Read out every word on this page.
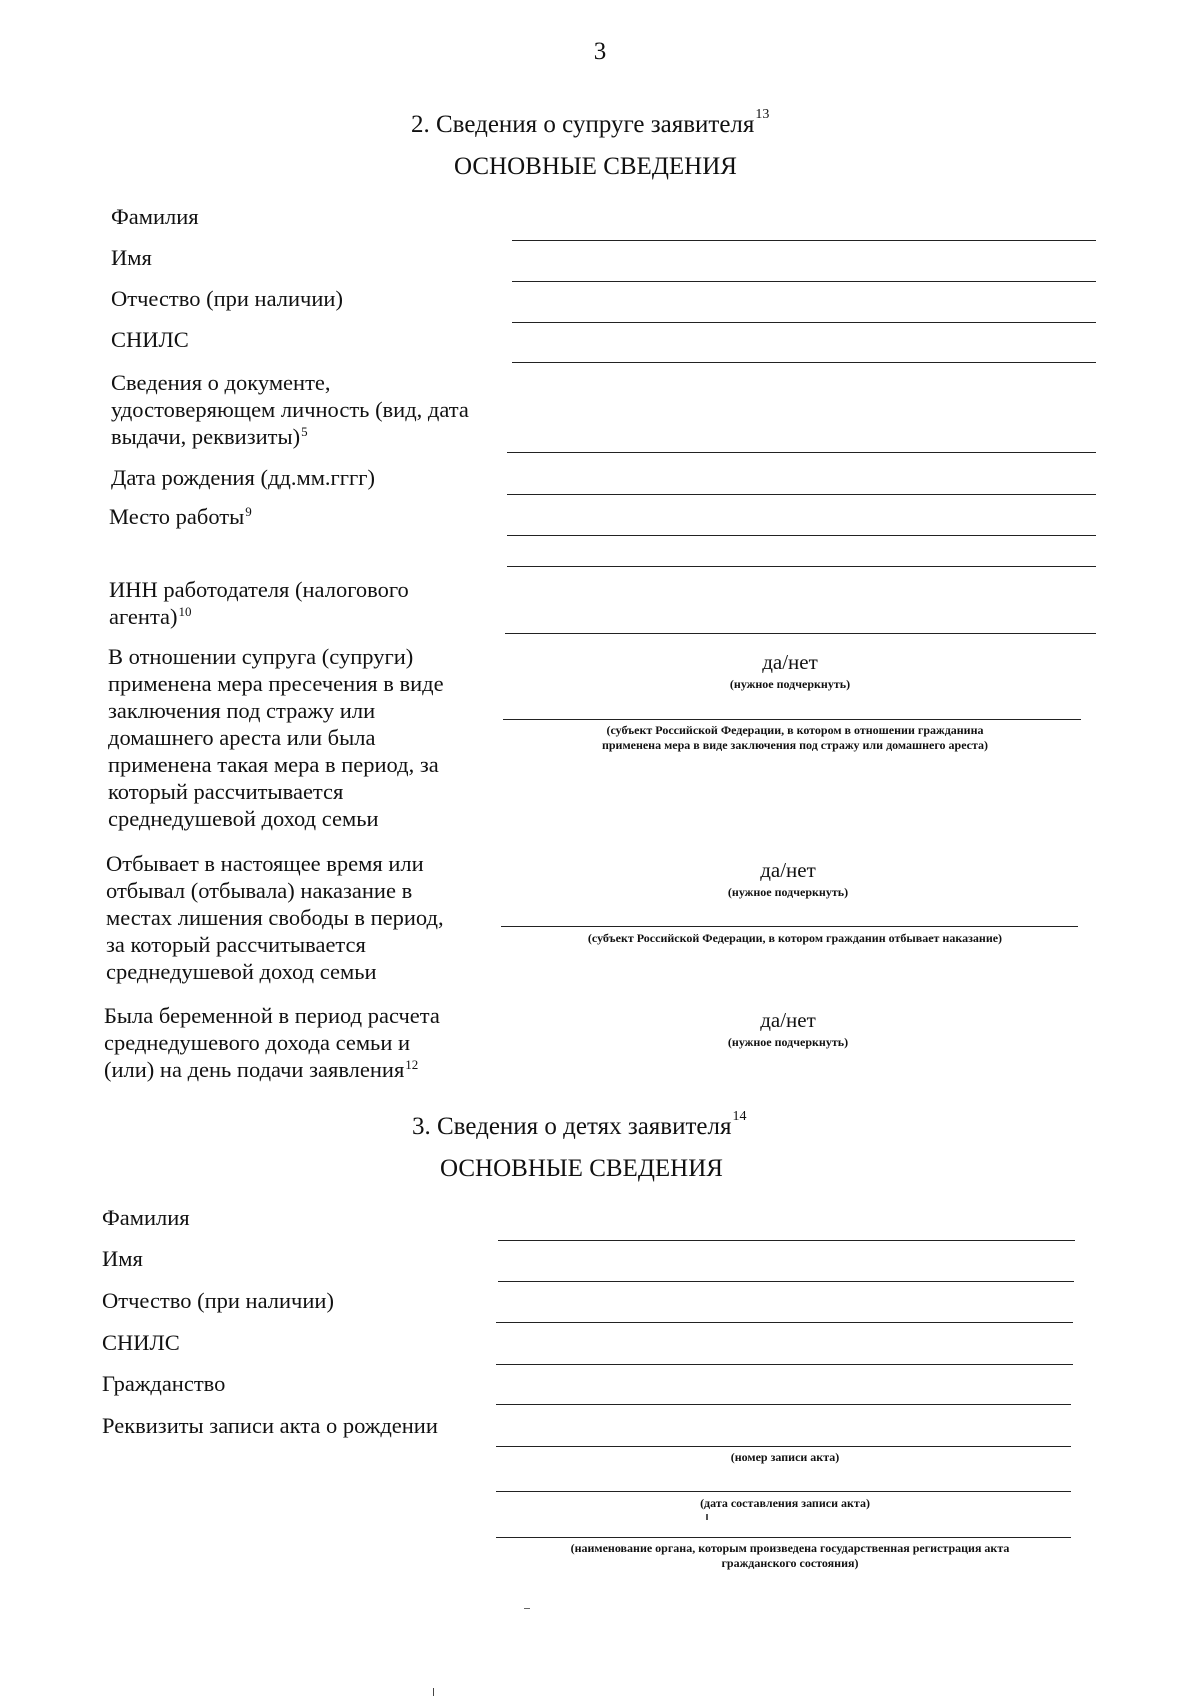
3
2. Сведения о супруге заявителя$^{13}$
ОСНОВНЫЕ СВЕДЕНИЯ
Фамилия
Имя
Отчество (при наличии)
СНИЛС
Сведения о документе,
удостоверяющем личность (вид, дата
выдачи, реквизиты)$^5$
Дата рождения (дд.мм.гггг)
Место работы$^9$
ИНН работодателя (налогового
агента)$^{10}$
В отношении супруга (супруги)
применена мера пресечения в виде
заключения под стражу или
домашнего ареста или была
применена такая мера в период, за
который рассчитывается
среднедушевой доход семьи
да/нет
(нужное подчеркнуть)
(субъект Российской Федерации, в котором в отношении гражданина
применена мера в виде заключения под стражу или домашнего ареста)
Отбывает в настоящее время или
отбывал (отбывала) наказание в
местах лишения свободы в период,
за который рассчитывается
среднедушевой доход семьи
да/нет
(нужное подчеркнуть)
(субъект Российской Федерации, в котором гражданин отбывает наказание)
Была беременной в период расчета
среднедушевого дохода семьи и
(или) на день подачи заявления$^{12}$
да/нет
(нужное подчеркнуть)
3. Сведения о детях заявителя$^{14}$
ОСНОВНЫЕ СВЕДЕНИЯ
Фамилия
Имя
Отчество (при наличии)
СНИЛС
Гражданство
Реквизиты записи акта о рождении
(номер записи акта)
(дата составления записи акта)
(наименование органа, которым произведена государственная регистрация акта
гражданского состояния)
